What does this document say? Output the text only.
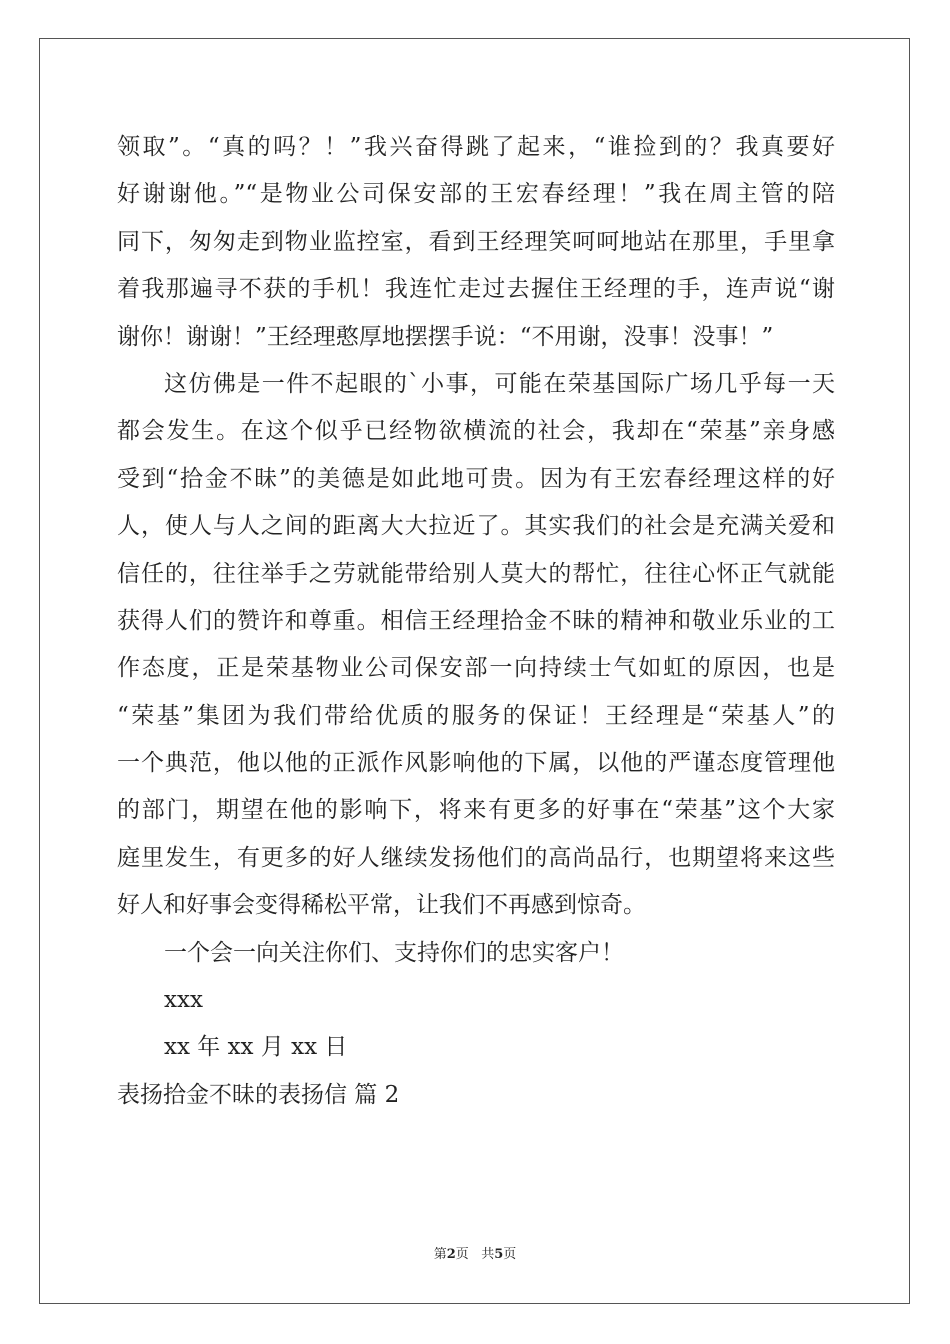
领取”。“真的吗？！”我兴奋得跳了起来，“谁捡到的？我真要好
好谢谢他。”“是物业公司保安部的王宏春经理！”我在周主管的陪
同下，匆匆走到物业监控室，看到王经理笑呵呵地站在那里，手里拿
着我那遍寻不获的手机！我连忙走过去握住王经理的手，连声说“谢
谢你！谢谢！”王经理憨厚地摆摆手说：“不用谢，没事！没事！”
这仿佛是一件不起眼的`小事，可能在荣基国际广场几乎每一天
都会发生。在这个似乎已经物欲横流的社会，我却在“荣基”亲身感
受到“拾金不昧”的美德是如此地可贵。因为有王宏春经理这样的好
人，使人与人之间的距离大大拉近了。其实我们的社会是充满关爱和
信任的，往往举手之劳就能带给别人莫大的帮忙，往往心怀正气就能
获得人们的赞许和尊重。相信王经理拾金不昧的精神和敬业乐业的工
作态度，正是荣基物业公司保安部一向持续士气如虹的原因，也是
“荣基”集团为我们带给优质的服务的保证！王经理是“荣基人”的
一个典范，他以他的正派作风影响他的下属，以他的严谨态度管理他
的部门，期望在他的影响下，将来有更多的好事在“荣基”这个大家
庭里发生，有更多的好人继续发扬他们的高尚品行，也期望将来这些
好人和好事会变得稀松平常，让我们不再感到惊奇。
一个会一向关注你们、支持你们的忠实客户！
xxx
xx 年 xx 月 xx 日
表扬拾金不昧的表扬信 篇 2
第2页   共5页
